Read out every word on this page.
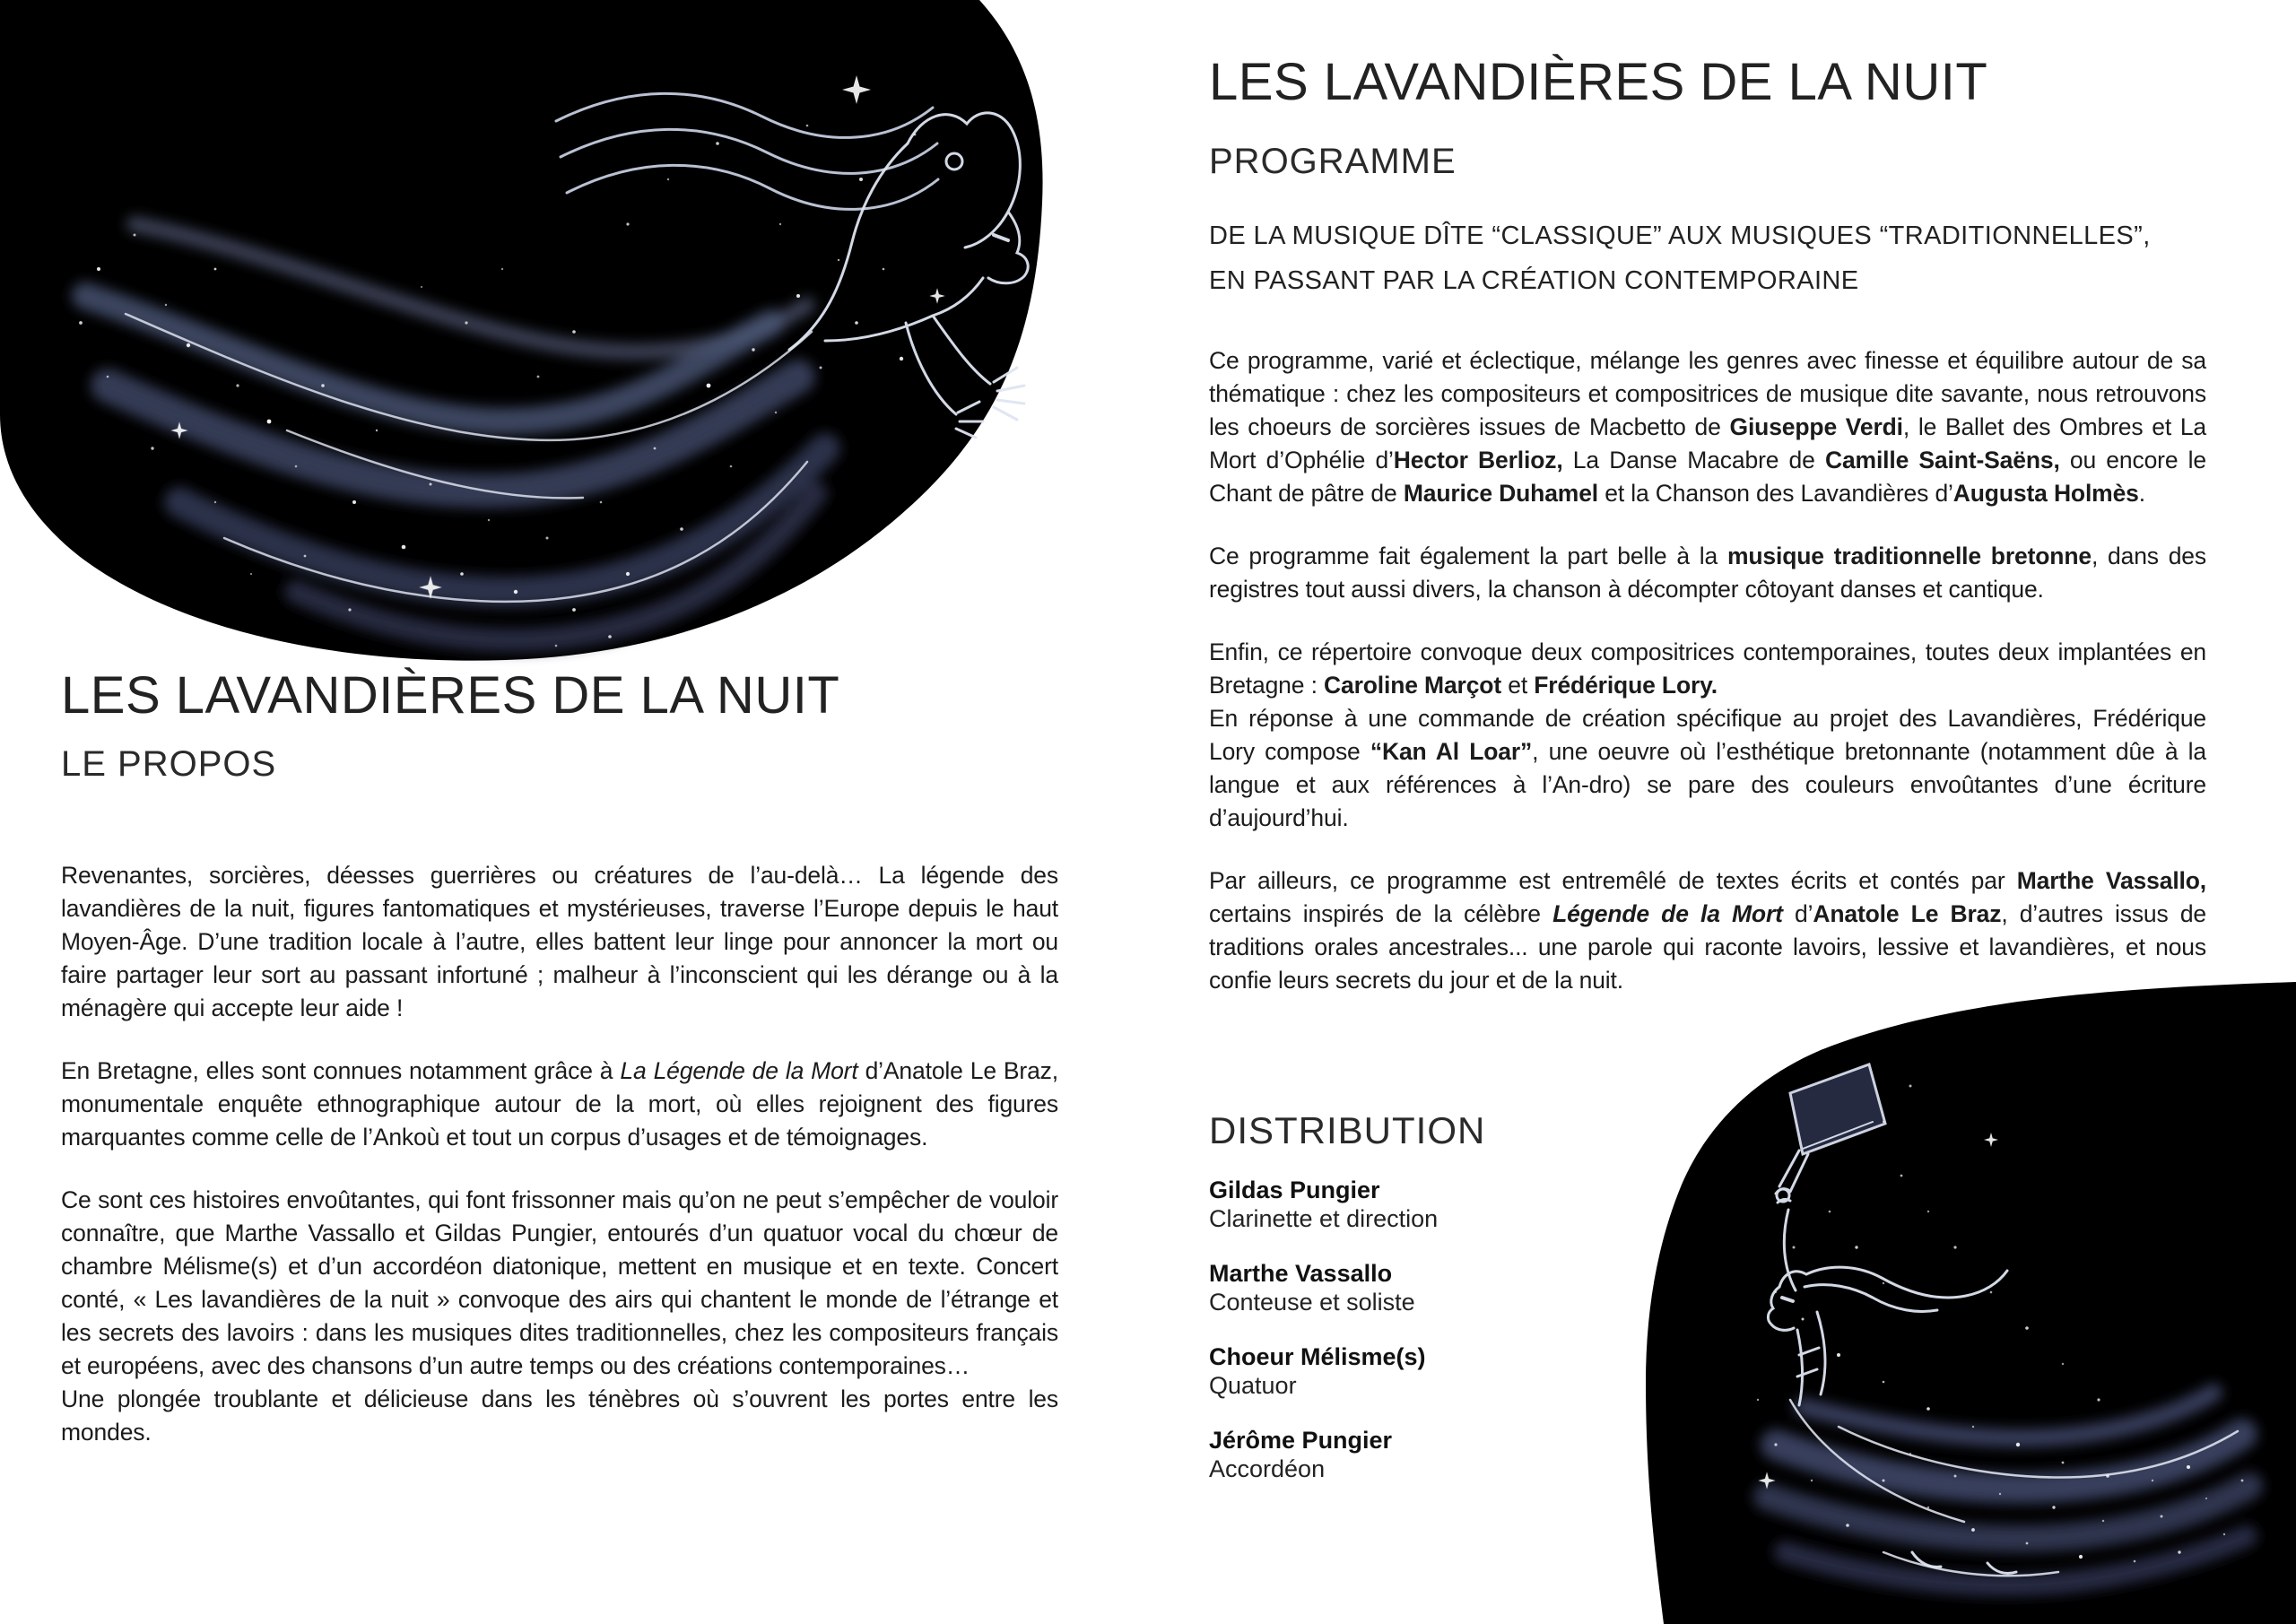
LES LAVANDIÈRES DE LA NUIT
LE PROPOS

Revenantes, sorcières, déesses guerrières ou créatures de l’au-delà… La légende des lavandières de la nuit, figures fantomatiques et mystérieuses, traverse l’Europe depuis le haut Moyen-Âge. D’une tradition locale à l’autre, elles battent leur linge pour annoncer la mort ou faire partager leur sort au passant infortuné ; malheur à l’inconscient qui les dérange ou à la ménagère qui accepte leur aide !

En Bretagne, elles sont connues notamment grâce à La Légende de la Mort d’Anatole Le Braz, monumentale enquête ethnographique autour de la mort, où elles rejoignent des figures marquantes comme celle de l’Ankoù et tout un corpus d’usages et de témoignages.

Ce sont ces histoires envoûtantes, qui font frissonner mais qu’on ne peut s’empêcher de vouloir connaître, que Marthe Vassallo et Gildas Pungier, entourés d’un quatuor vocal du chœur de chambre Mélisme(s) et d’un accordéon diatonique, mettent en musique et en texte. Concert conté, « Les lavandières de la nuit » convoque des airs qui chantent le monde de l’étrange et les secrets des lavoirs : dans les musiques dites traditionnelles, chez les compositeurs français et européens, avec des chansons d’un autre temps ou des créations contemporaines…

Une plongée troublante et délicieuse dans les ténèbres où s’ouvrent les portes entre les mondes.

LES LAVANDIÈRES DE LA NUIT
PROGRAMME
DE LA MUSIQUE DÎTE “CLASSIQUE” AUX MUSIQUES “TRADITIONNELLES”,
EN PASSANT PAR LA CRÉATION CONTEMPORAINE

Ce programme, varié et éclectique, mélange les genres avec finesse et équilibre autour de sa thématique : chez les compositeurs et compositrices de musique dite savante, nous retrouvons les choeurs de sorcières issues de Macbetto de Giuseppe Verdi, le Ballet des Ombres et La Mort d’Ophélie d’Hector Berlioz, La Danse Macabre de Camille Saint-Saëns, ou encore le Chant de pâtre de Maurice Duhamel et la Chanson des Lavandières d’Augusta Holmès.

Ce programme fait également la part belle à la musique traditionnelle bretonne, dans des registres tout aussi divers, la chanson à décompter côtoyant danses et cantique.

Enfin, ce répertoire convoque deux compositrices contemporaines, toutes deux implantées en Bretagne : Caroline Marçot et Frédérique Lory.

En réponse à une commande de création spécifique au projet des Lavandières, Frédérique Lory compose “Kan Al Loar”, une oeuvre où l’esthétique bretonnante (notamment dûe à la langue et aux références à l’An-dro) se pare des couleurs envoûtantes d’une écriture d’aujourd’hui.

Par ailleurs, ce programme est entremêlé de textes écrits et contés par Marthe Vassallo, certains inspirés de la célèbre Légende de la Mort d’Anatole Le Braz, d’autres issus de traditions orales ancestrales... une parole qui raconte lavoirs, lessive et lavandières, et nous confie leurs secrets du jour et de la nuit.

DISTRIBUTION
Gildas Pungier
Clarinette et direction
Marthe Vassallo
Conteuse et soliste
Choeur Mélisme(s)
Quatuor
Jérôme Pungier
Accordéon
